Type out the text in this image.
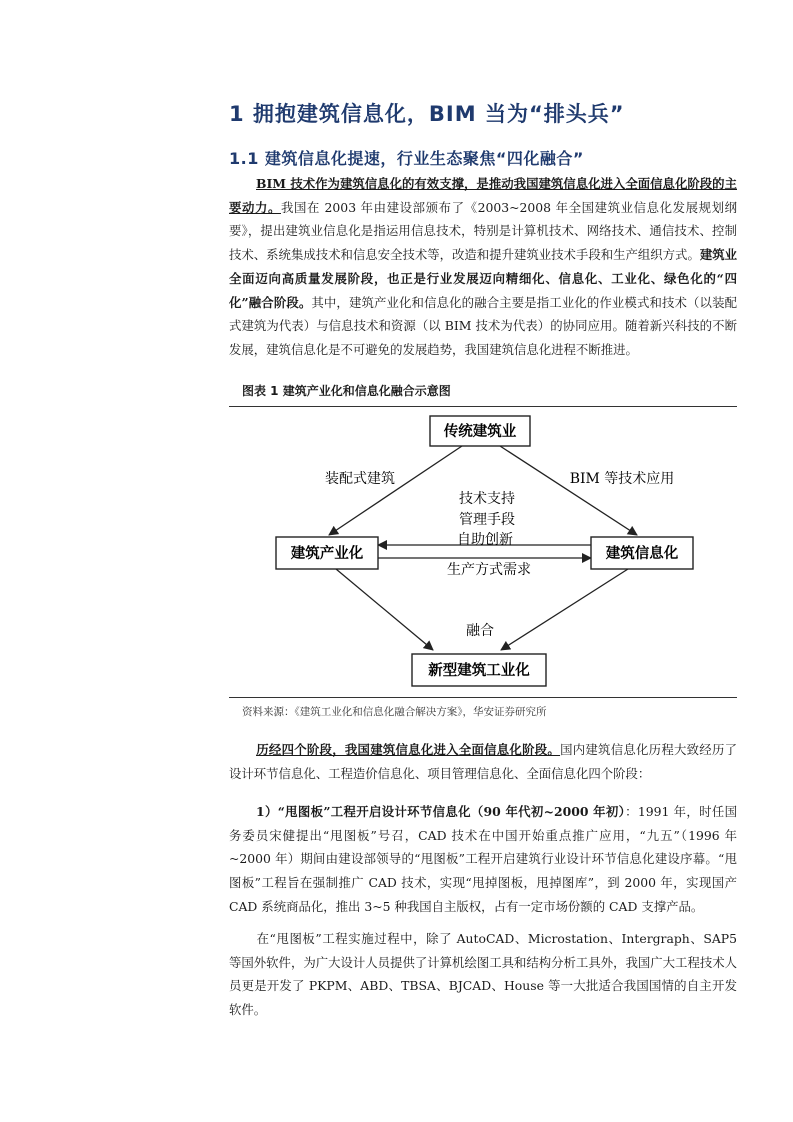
1 拥抱建筑信息化，BIM 当为“排头兵”
1.1 建筑信息化提速，行业生态聚焦“四化融合”

BIM 技术作为建筑信息化的有效支撑，是推动我国建筑信息化进入全面信息化阶段的主要动力。我国在 2003 年由建设部颁布了《2003~2008 年全国建筑业信息化发展规划纲要》，提出建筑业信息化是指运用信息技术，特别是计算机技术、网络技术、通信技术、控制技术、系统集成技术和信息安全技术等，改造和提升建筑业技术手段和生产组织方式。建筑业全面迈向高质量发展阶段，也正是行业发展迈向精细化、信息化、工业化、绿色化的“四化”融合阶段。其中，建筑产业化和信息化的融合主要是指工业化的作业模式和技术（以装配式建筑为代表）与信息技术和资源（以 BIM 技术为代表）的协同应用。随着新兴科技的不断发展，建筑信息化是不可避免的发展趋势，我国建筑信息化进程不断推进。

图表 1 建筑产业化和信息化融合示意图
传统建筑业
建筑产业化	建筑信息化
新型建筑工业化
装配式建筑	BIM 等技术应用
技术支持
管理手段
自助创新
生产方式需求
融合
资料来源：《建筑工业化和信息化融合解决方案》，华安证券研究所

历经四个阶段，我国建筑信息化进入全面信息化阶段。国内建筑信息化历程大致经历了设计环节信息化、工程造价信息化、项目管理信息化、全面信息化四个阶段：

1）“甩图板”工程开启设计环节信息化（90 年代初~2000 年初）：1991 年，时任国务委员宋健提出“甩图板”号召，CAD 技术在中国开始重点推广应用，“九五”（1996 年~2000 年）期间由建设部领导的“甩图板”工程开启建筑行业设计环节信息化建设序幕。“甩图板”工程旨在强制推广 CAD 技术，实现“甩掉图板，甩掉图库”，到 2000 年，实现国产 CAD 系统商品化，推出 3~5 种我国自主版权，占有一定市场份额的 CAD 支撑产品。

在“甩图板”工程实施过程中，除了 AutoCAD、Microstation、Intergraph、SAP5 等国外软件，为广大设计人员提供了计算机绘图工具和结构分析工具外，我国广大工程技术人员更是开发了 PKPM、ABD、TBSA、BJCAD、House 等一大批适合我国国情的自主开发软件。
